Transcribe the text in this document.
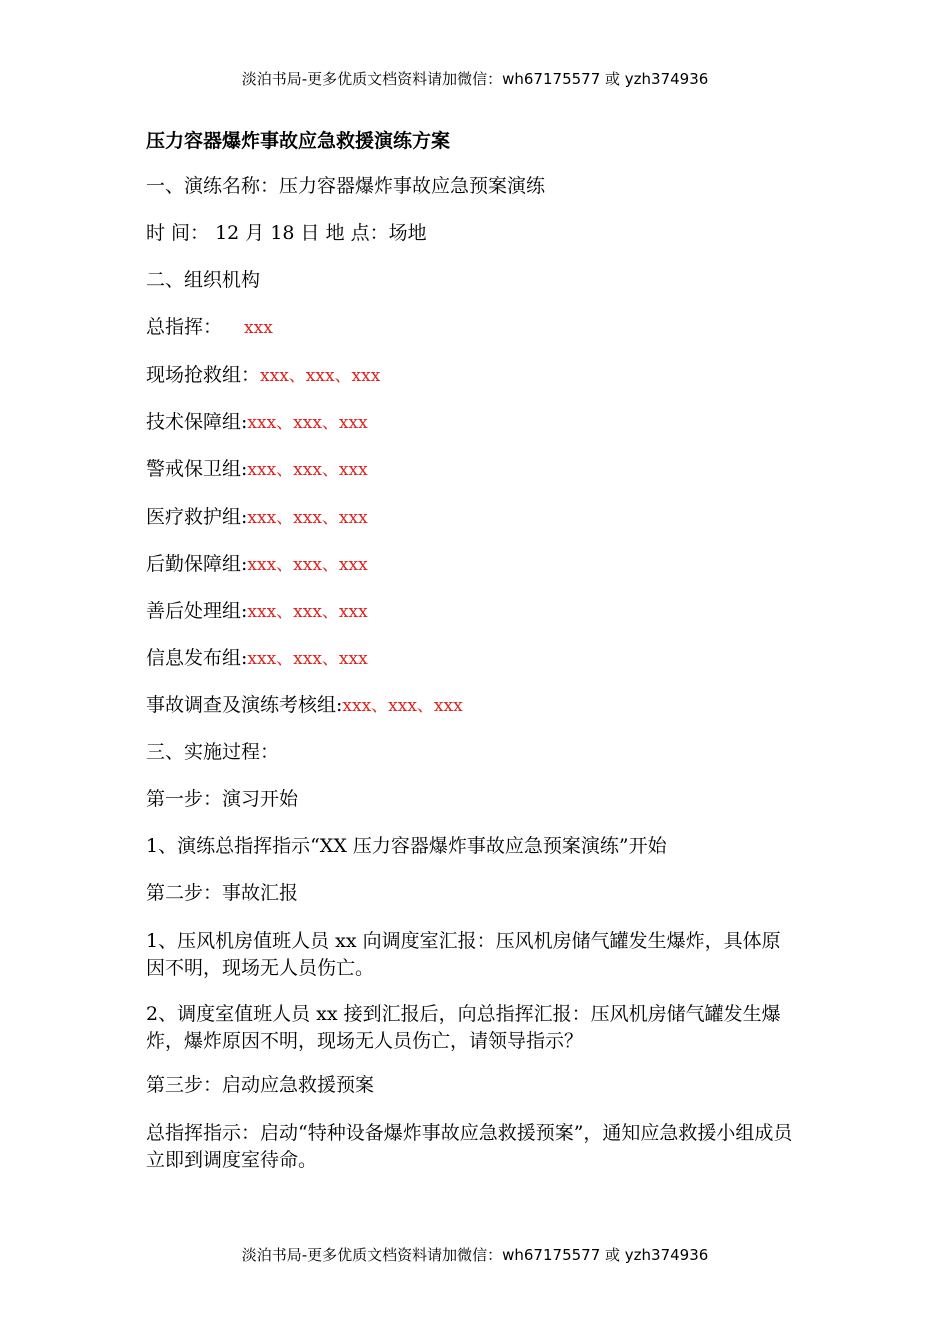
淡泊书局-更多优质文档资料请加微信：wh67175577 或 yzh374936
压力容器爆炸事故应急救援演练方案
一、演练名称：压力容器爆炸事故应急预案演练
时 间： 12 月 18 日 地 点：场地
二、组织机构
总指挥： xxx
现场抢救组：xxx、xxx、xxx
技术保障组:xxx、xxx、xxx
警戒保卫组:xxx、xxx、xxx
医疗救护组:xxx、xxx、xxx
后勤保障组:xxx、xxx、xxx
善后处理组:xxx、xxx、xxx
信息发布组:xxx、xxx、xxx
事故调查及演练考核组:xxx、xxx、xxx
三、实施过程：
第一步：演习开始
1、演练总指挥指示“XX 压力容器爆炸事故应急预案演练”开始
第二步：事故汇报
1、压风机房值班人员 xx 向调度室汇报：压风机房储气罐发生爆炸，具体原因不明，现场无人员伤亡。
2、调度室值班人员 xx 接到汇报后，向总指挥汇报：压风机房储气罐发生爆炸，爆炸原因不明，现场无人员伤亡，请领导指示？
第三步：启动应急救援预案
总指挥指示：启动“特种设备爆炸事故应急救援预案”，通知应急救援小组成员立即到调度室待命。
淡泊书局-更多优质文档资料请加微信：wh67175577 或 yzh374936
